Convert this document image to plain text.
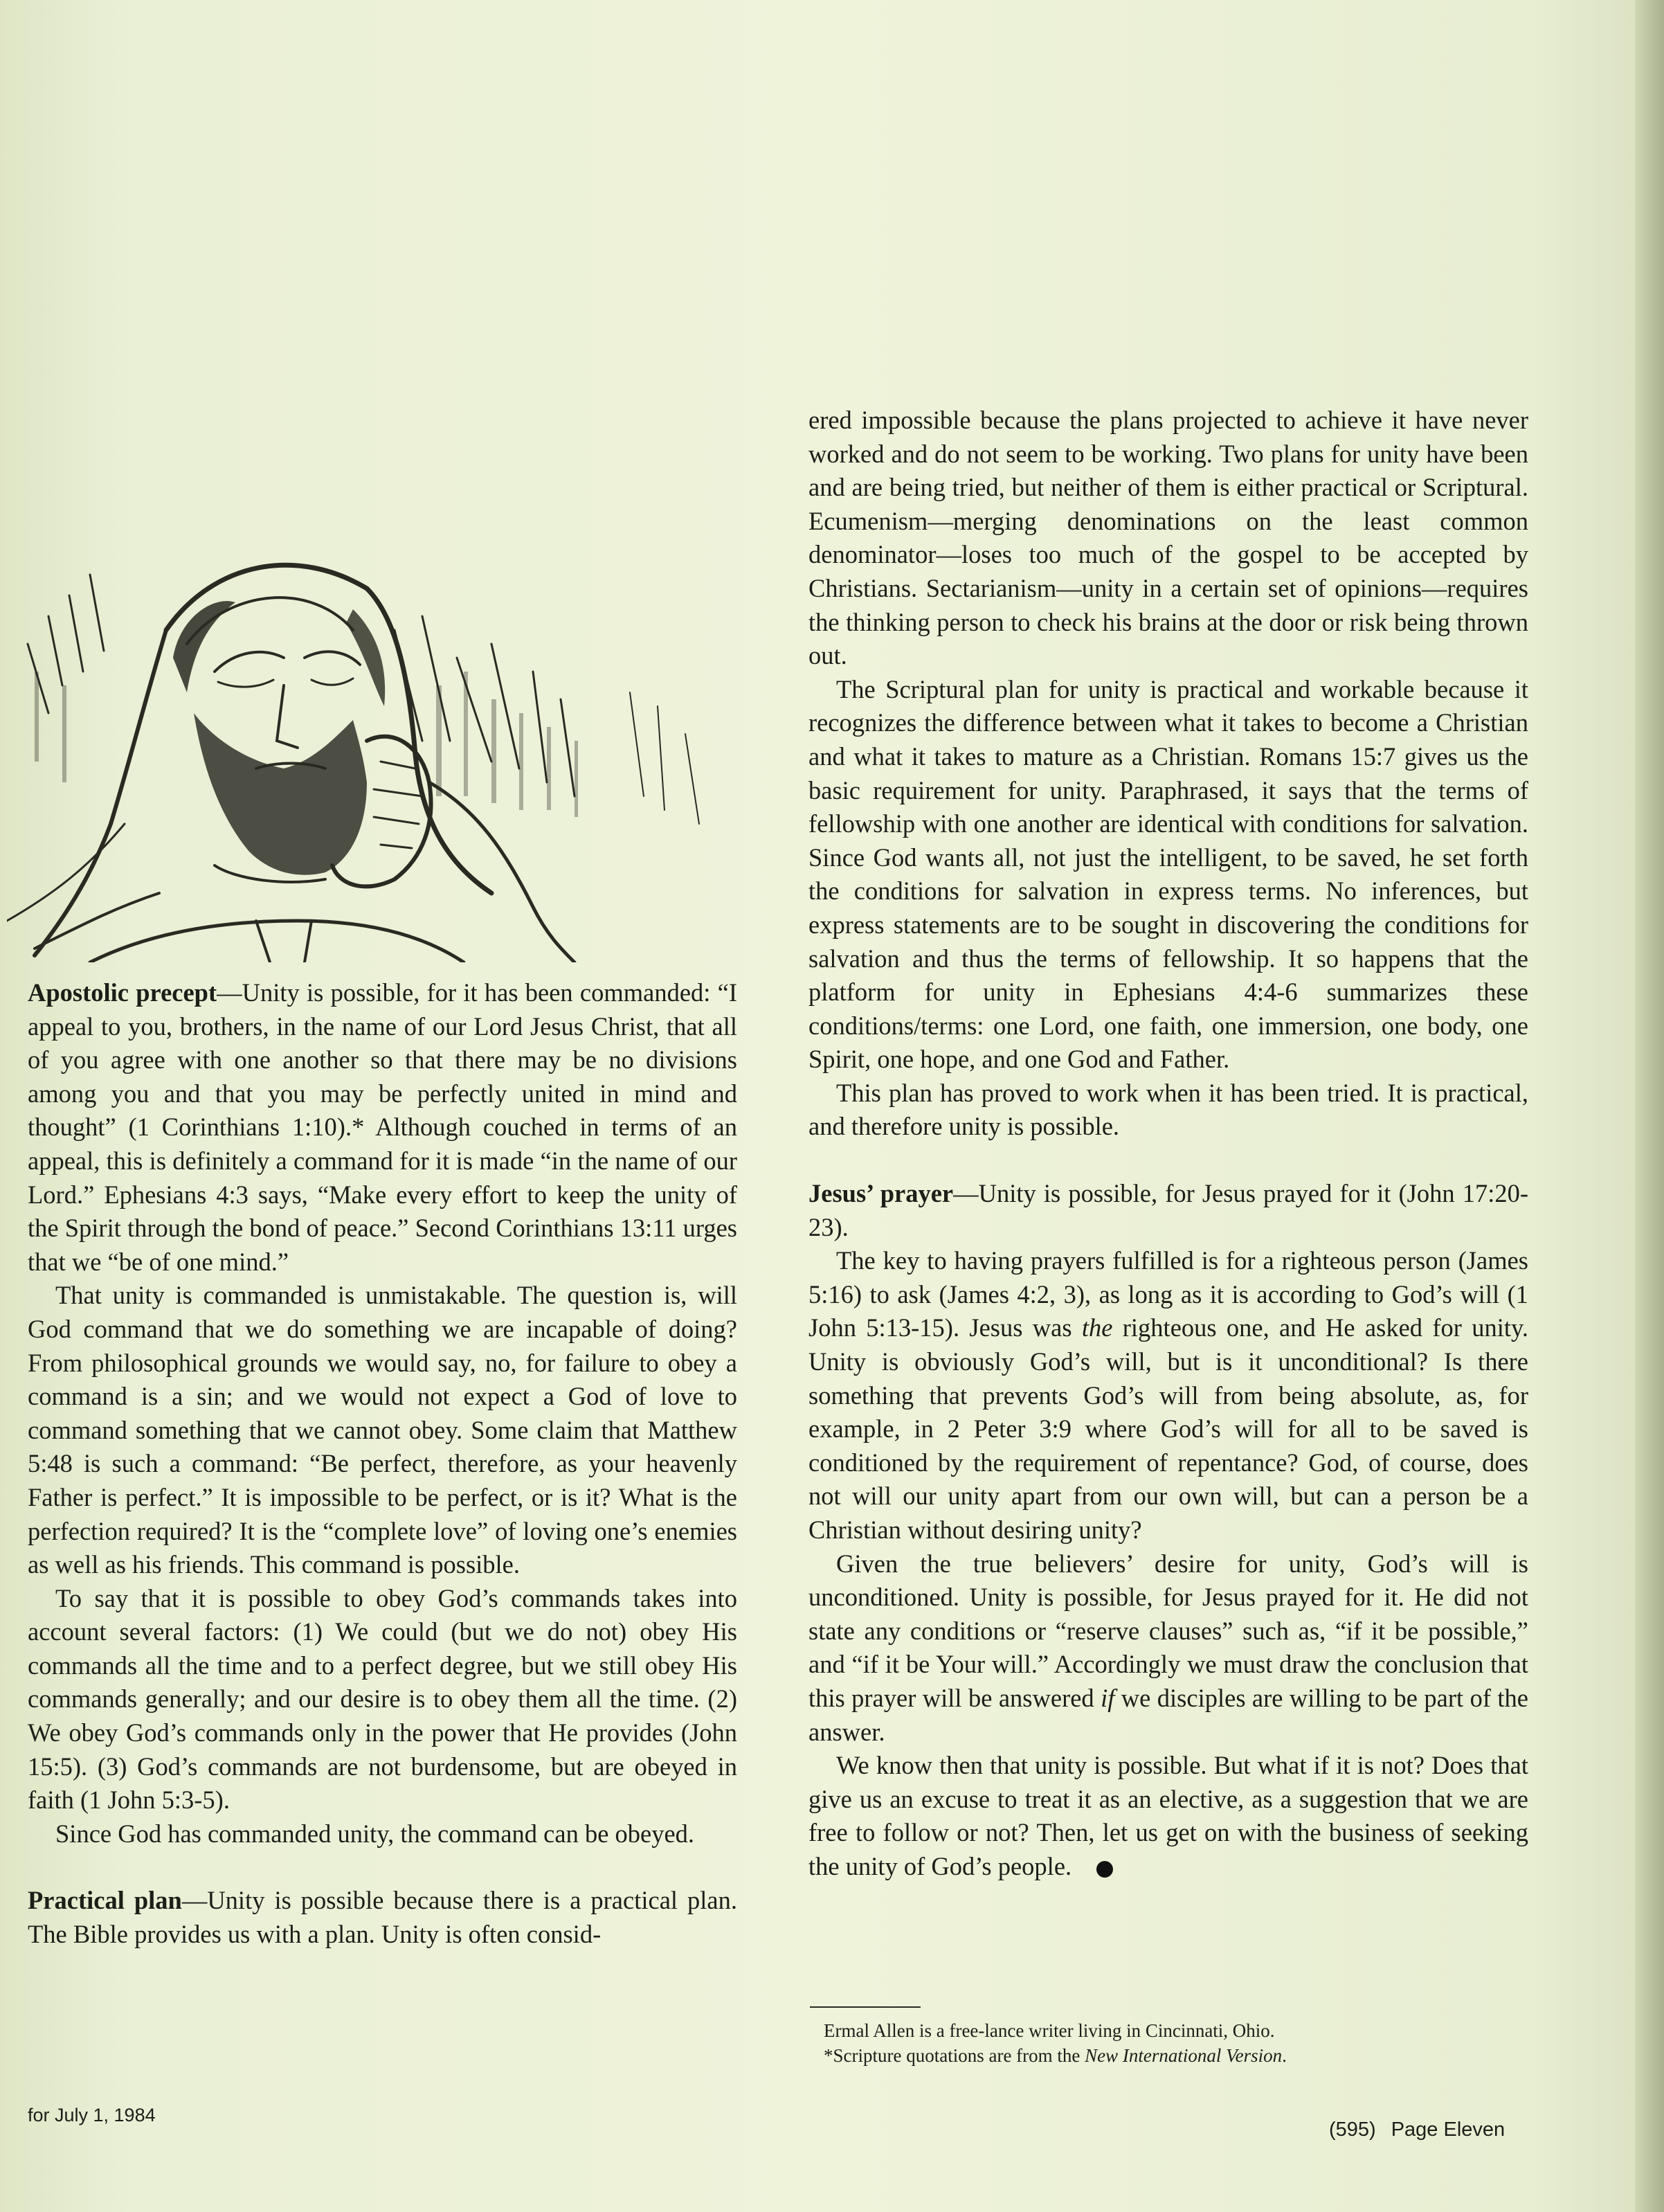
Apostolic precept—Unity is possible, for it has been commanded: “I appeal to you, brothers, in the name of our Lord Jesus Christ, that all of you agree with one another so that there may be no divisions among you and that you may be perfectly united in mind and thought” (1 Corinthians 1:10).* Although couched in terms of an appeal, this is definitely a command for it is made “in the name of our Lord.” Ephesians 4:3 says, “Make every effort to keep the unity of the Spirit through the bond of peace.” Second Corinthians 13:11 urges that we “be of one mind.”

That unity is commanded is unmistakable. The question is, will God command that we do something we are incapable of doing? From philosophical grounds we would say, no, for failure to obey a command is a sin; and we would not expect a God of love to command something that we cannot obey. Some claim that Matthew 5:48 is such a command: “Be perfect, therefore, as your heavenly Father is perfect.” It is impossible to be perfect, or is it? What is the perfection required? It is the “complete love” of loving one’s enemies as well as his friends. This command is possible.

To say that it is possible to obey God’s commands takes into account several factors: (1) We could (but we do not) obey His commands all the time and to a perfect degree, but we still obey His commands generally; and our desire is to obey them all the time. (2) We obey God’s commands only in the power that He provides (John 15:5). (3) God’s commands are not burdensome, but are obeyed in faith (1 John 5:3-5).

Since God has commanded unity, the command can be obeyed.

Practical plan—Unity is possible because there is a practical plan. The Bible provides us with a plan. Unity is often consid-

ered impossible because the plans projected to achieve it have never worked and do not seem to be working. Two plans for unity have been and are being tried, but neither of them is either practical or Scriptural. Ecumenism—merging denominations on the least common denominator—loses too much of the gospel to be accepted by Christians. Sectarianism—unity in a certain set of opinions—requires the thinking person to check his brains at the door or risk being thrown out.

The Scriptural plan for unity is practical and workable because it recognizes the difference between what it takes to become a Christian and what it takes to mature as a Christian. Romans 15:7 gives us the basic requirement for unity. Paraphrased, it says that the terms of fellowship with one another are identical with conditions for salvation. Since God wants all, not just the intelligent, to be saved, he set forth the conditions for salvation in express terms. No inferences, but express statements are to be sought in discovering the conditions for salvation and thus the terms of fellowship. It so happens that the platform for unity in Ephesians 4:4-6 summarizes these conditions/terms: one Lord, one faith, one immersion, one body, one Spirit, one hope, and one God and Father.

This plan has proved to work when it has been tried. It is practical, and therefore unity is possible.

Jesus’ prayer—Unity is possible, for Jesus prayed for it (John 17:20-23).

The key to having prayers fulfilled is for a righteous person (James 5:16) to ask (James 4:2, 3), as long as it is according to God’s will (1 John 5:13-15). Jesus was the righteous one, and He asked for unity. Unity is obviously God’s will, but is it unconditional? Is there something that prevents God’s will from being absolute, as, for example, in 2 Peter 3:9 where God’s will for all to be saved is conditioned by the requirement of repentance? God, of course, does not will our unity apart from our own will, but can a person be a Christian without desiring unity?

Given the true believers’ desire for unity, God’s will is unconditioned. Unity is possible, for Jesus prayed for it. He did not state any conditions or “reserve clauses” such as, “if it be possible,” and “if it be Your will.” Accordingly we must draw the conclusion that this prayer will be answered if we disciples are willing to be part of the answer.

We know then that unity is possible. But what if it is not? Does that give us an excuse to treat it as an elective, as a suggestion that we are free to follow or not? Then, let us get on with the business of seeking the unity of God’s people.

Ermal Allen is a free-lance writer living in Cincinnati, Ohio.
*Scripture quotations are from the New International Version.
for July 1, 1984
(595) Page Eleven
